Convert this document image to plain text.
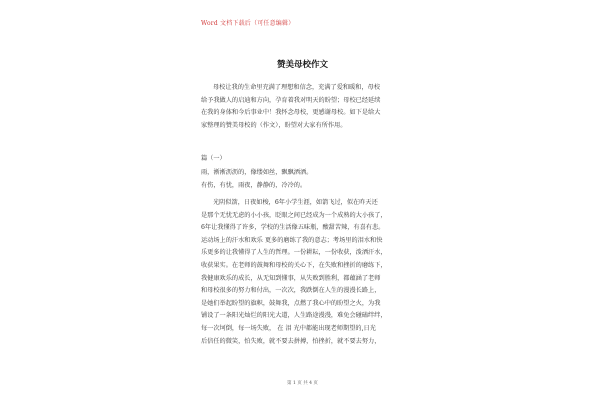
Word 文档下载后（可任意编辑）
赞美母校作文
母校让我的生命里充满了理想和信念，充满了爱和暖和，母校
给予我做人的启迪和方向，孕育着我对明天的盼望；母校已经延续
在我的身体和今后事业中！我怀念母校，更感谢母校。如下是给大
家整理的赞美母校的（作文），盼望对大家有所作用。
篇（一）
雨，淅淅沥沥的，像缕如丝，飘飘洒洒。
有伤，有忧，雨夜，静静的，冷冷的。
光阴似箭，日夜如梭，6年小学生涯，如箭飞过，似在昨天还
是那个无忧无虑的小小孩，眨眼之间已经成为一个成熟的大小孩了，
6年让我懂得了许多，学校的生活像五味瓶，酸甜苦辣，有喜有悲。
运动场上的汗水和欢乐 更多的磨练了我的意志；考场里的泪水和快
乐更多的让我懂得了人生的哲理。一份耕耘，一份收获，泼洒汗水，
收获果实。在老师的鼓舞和母校的关心下，在失败和挫折的磨练下，
我健康欢乐的成长，从无知到懂事，从失败到胜利，都蕴涵了老师
和母校很多的努力和付出，一次次，我跌倒在人生的漫漫长路上，
是她们举起盼望的旗帜，鼓舞我，点燃了我心中的盼望之火，为我
铺设了一条阳光灿烂的阳光大道，人生路途漫漫，难免会碰磕绊绊，
每一次坷倒，每一场失败， 在 泪 光中都能出现老师期望的,日光
后信任的微笑，怕失败，就不要去拼搏，怕挫折，就不要去努力，
第 1 页 共 4 页
